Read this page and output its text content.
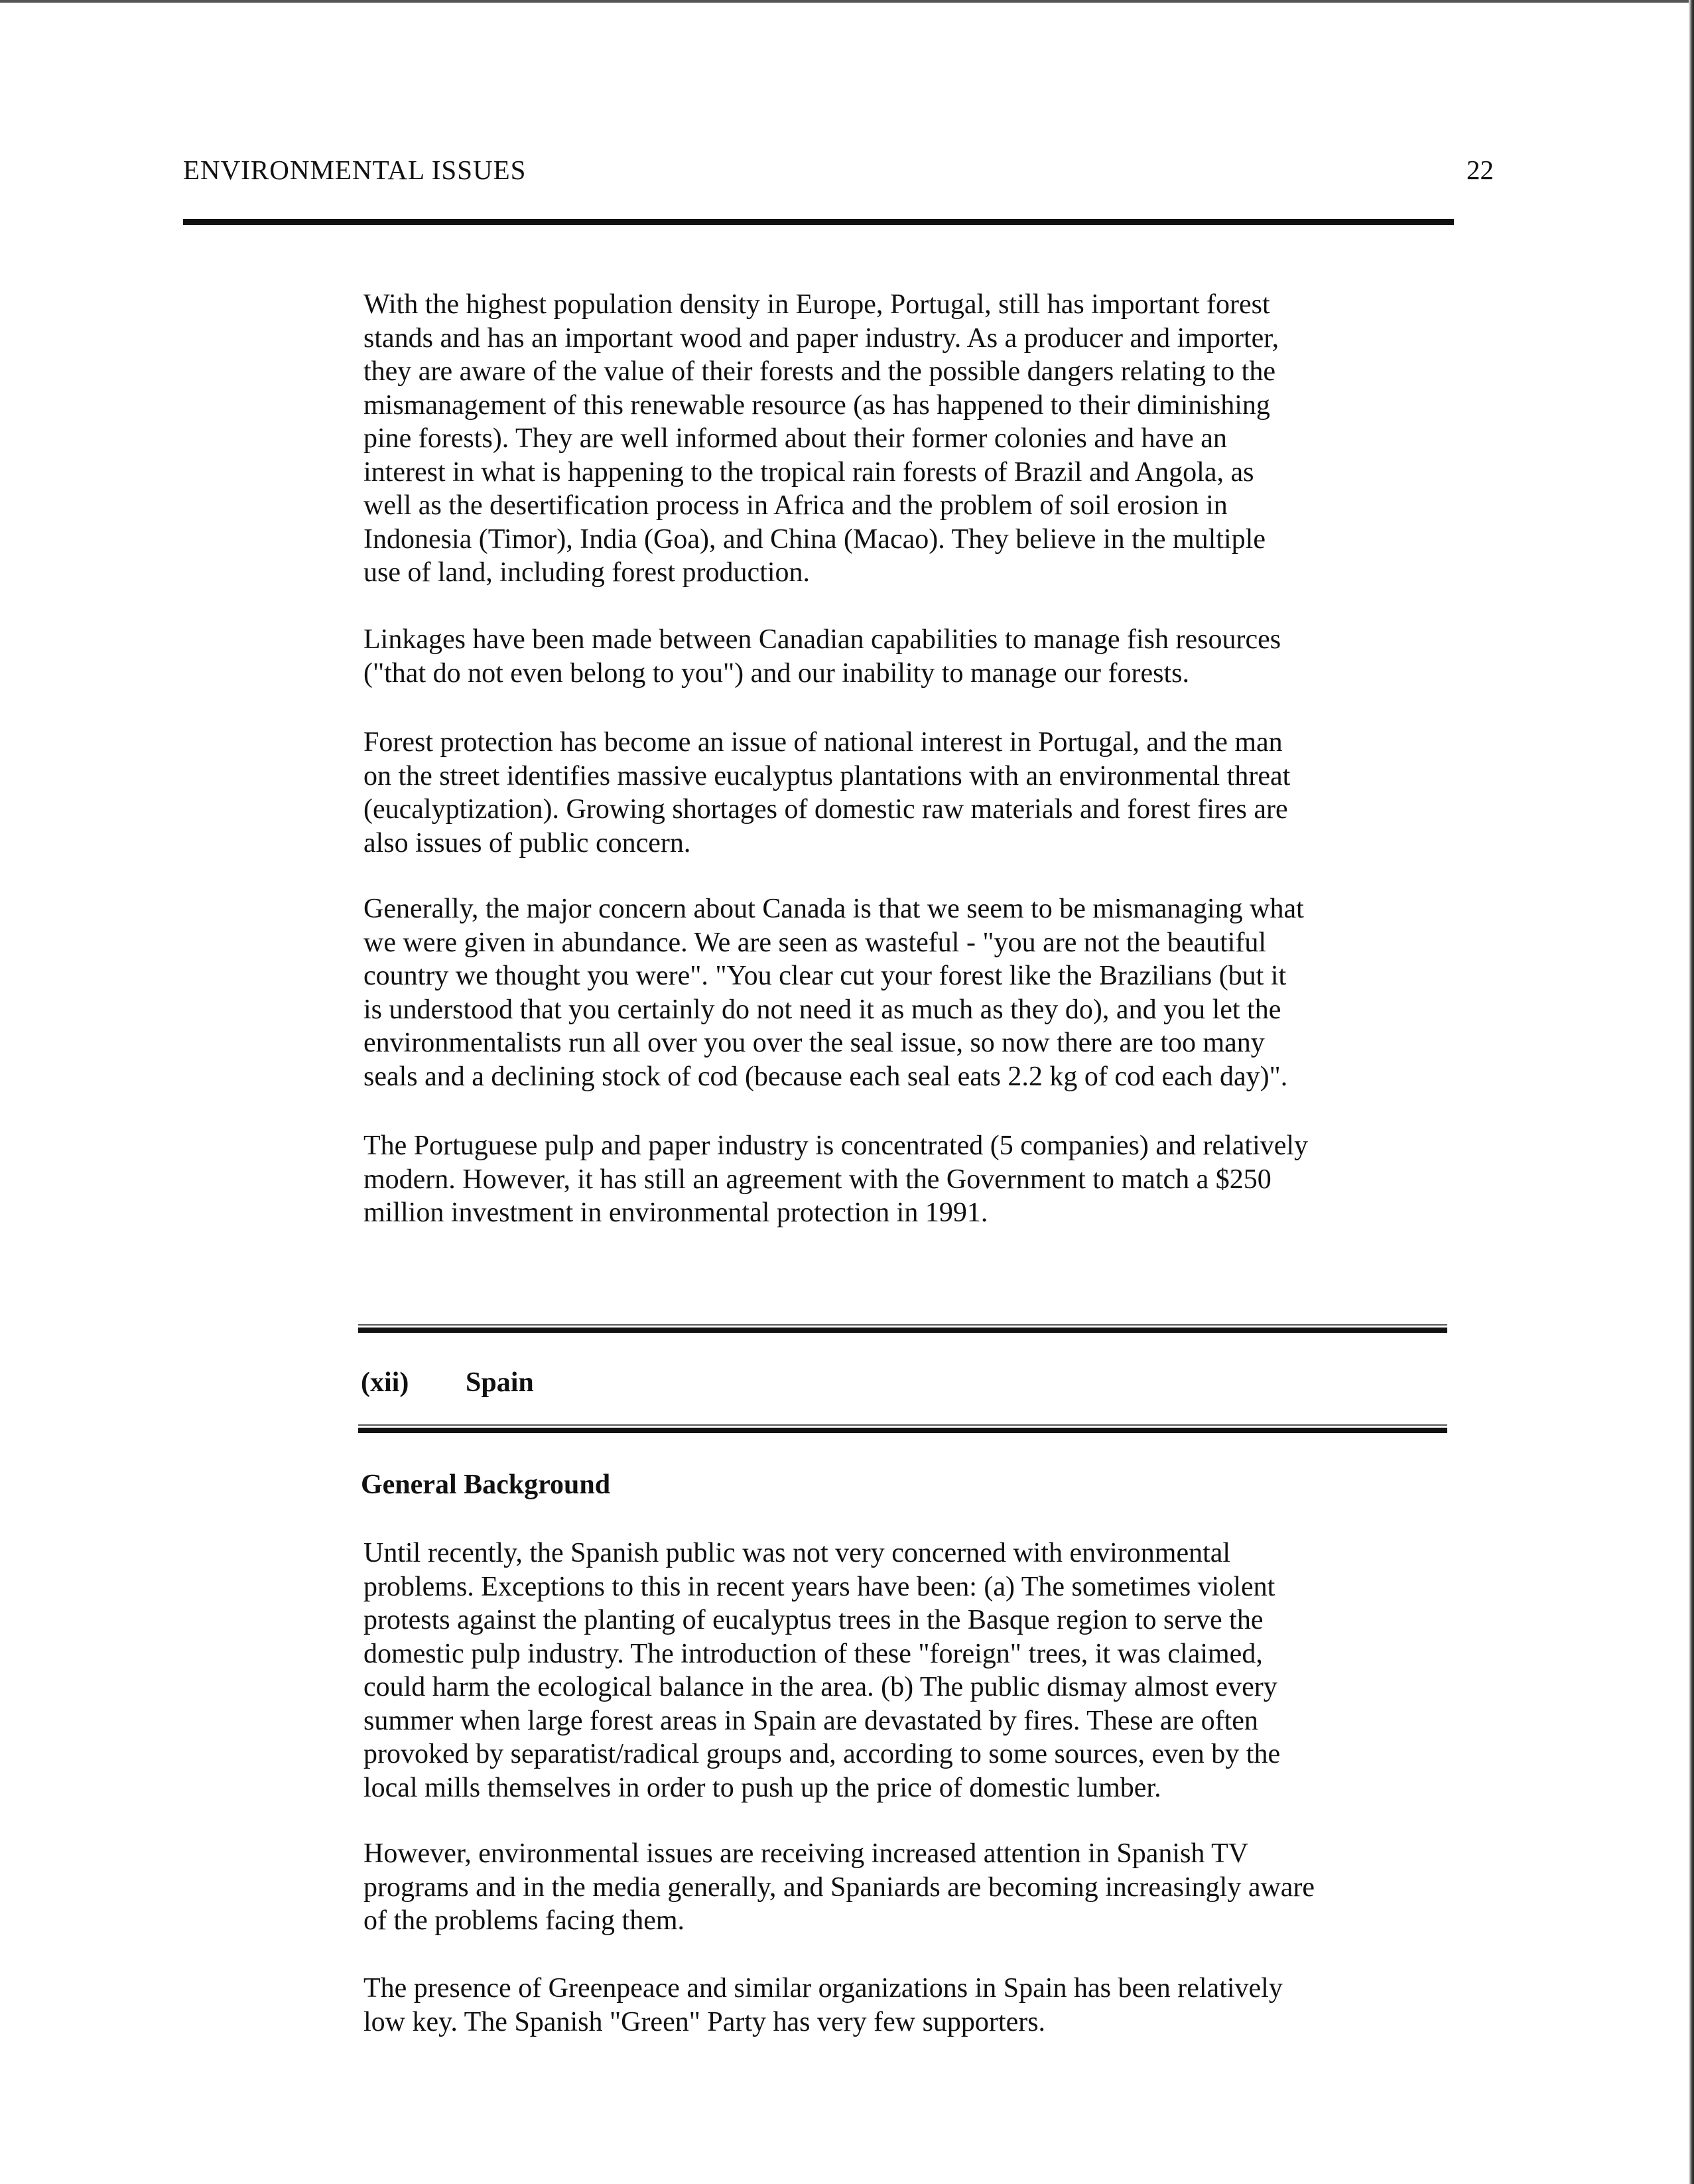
ENVIRONMENTAL ISSUES	22

With the highest population density in Europe, Portugal, still has important forest
stands and has an important wood and paper industry. As a producer and importer,
they are aware of the value of their forests and the possible dangers relating to the
mismanagement of this renewable resource (as has happened to their diminishing
pine forests). They are well informed about their former colonies and have an
interest in what is happening to the tropical rain forests of Brazil and Angola, as
well as the desertification process in Africa and the problem of soil erosion in
Indonesia (Timor), India (Goa), and China (Macao). They believe in the multiple
use of land, including forest production.

Linkages have been made between Canadian capabilities to manage fish resources
("that do not even belong to you") and our inability to manage our forests.

Forest protection has become an issue of national interest in Portugal, and the man
on the street identifies massive eucalyptus plantations with an environmental threat
(eucalyptization). Growing shortages of domestic raw materials and forest fires are
also issues of public concern.

Generally, the major concern about Canada is that we seem to be mismanaging what
we were given in abundance. We are seen as wasteful - "you are not the beautiful
country we thought you were". "You clear cut your forest like the Brazilians (but it
is understood that you certainly do not need it as much as they do), and you let the
environmentalists run all over you over the seal issue, so now there are too many
seals and a declining stock of cod (because each seal eats 2.2 kg of cod each day)".

The Portuguese pulp and paper industry is concentrated (5 companies) and relatively
modern. However, it has still an agreement with the Government to match a $250
million investment in environmental protection in 1991.

(xii) Spain

General Background

Until recently, the Spanish public was not very concerned with environmental
problems. Exceptions to this in recent years have been: (a) The sometimes violent
protests against the planting of eucalyptus trees in the Basque region to serve the
domestic pulp industry. The introduction of these "foreign" trees, it was claimed,
could harm the ecological balance in the area. (b) The public dismay almost every
summer when large forest areas in Spain are devastated by fires. These are often
provoked by separatist/radical groups and, according to some sources, even by the
local mills themselves in order to push up the price of domestic lumber.

However, environmental issues are receiving increased attention in Spanish TV
programs and in the media generally, and Spaniards are becoming increasingly aware
of the problems facing them.

The presence of Greenpeace and similar organizations in Spain has been relatively
low key. The Spanish "Green" Party has very few supporters.
